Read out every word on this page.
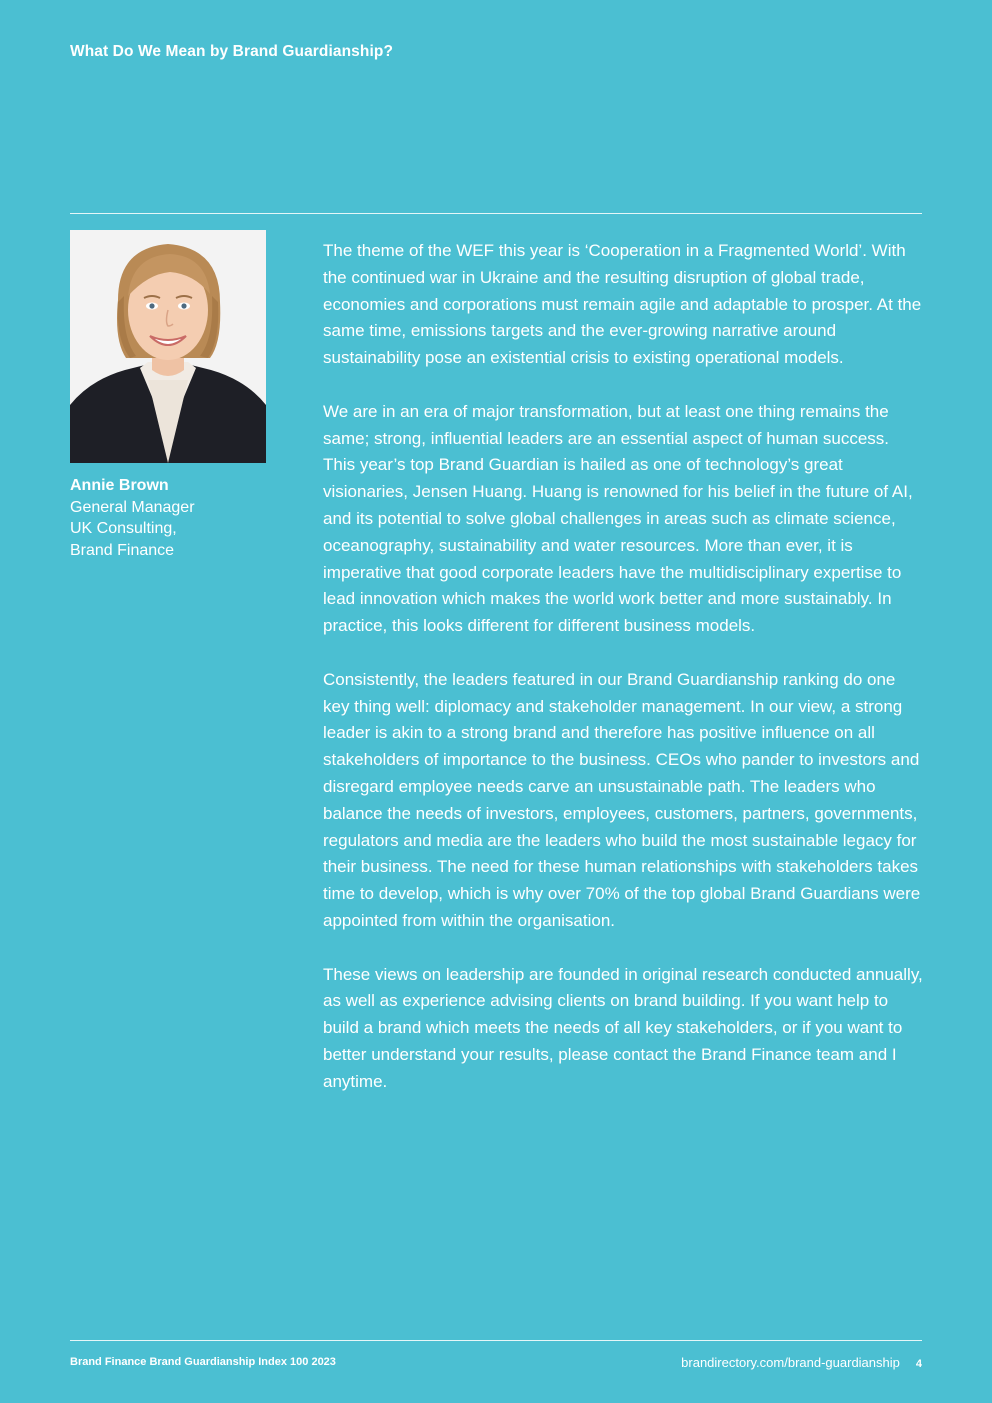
What Do We Mean by Brand Guardianship?
Annie Brown
General Manager
UK Consulting,
Brand Finance

The theme of the WEF this year is ‘Cooperation in a Fragmented World’. With the continued war in Ukraine and the resulting disruption of global trade, economies and corporations must remain agile and adaptable to prosper. At the same time, emissions targets and the ever-growing narrative around sustainability pose an existential crisis to existing operational models.

We are in an era of major transformation, but at least one thing remains the same; strong, influential leaders are an essential aspect of human success. This year’s top Brand Guardian is hailed as one of technology’s great visionaries, Jensen Huang. Huang is renowned for his belief in the future of AI, and its potential to solve global challenges in areas such as climate science, oceanography, sustainability and water resources. More than ever, it is imperative that good corporate leaders have the multidisciplinary expertise to lead innovation which makes the world work better and more sustainably. In practice, this looks different for different business models.

Consistently, the leaders featured in our Brand Guardianship ranking do one key thing well: diplomacy and stakeholder management. In our view, a strong leader is akin to a strong brand and therefore has positive influence on all stakeholders of importance to the business. CEOs who pander to investors and disregard employee needs carve an unsustainable path. The leaders who balance the needs of investors, employees, customers, partners, governments, regulators and media are the leaders who build the most sustainable legacy for their business. The need for these human relationships with stakeholders takes time to develop, which is why over 70% of the top global Brand Guardians were appointed from within the organisation.

These views on leadership are founded in original research conducted annually, as well as experience advising clients on brand building. If you want help to build a brand which meets the needs of all key stakeholders, or if you want to better understand your results, please contact the Brand Finance team and I anytime.

Brand Finance Brand Guardianship Index 100 2023	brandirectory.com/brand-guardianship 4
